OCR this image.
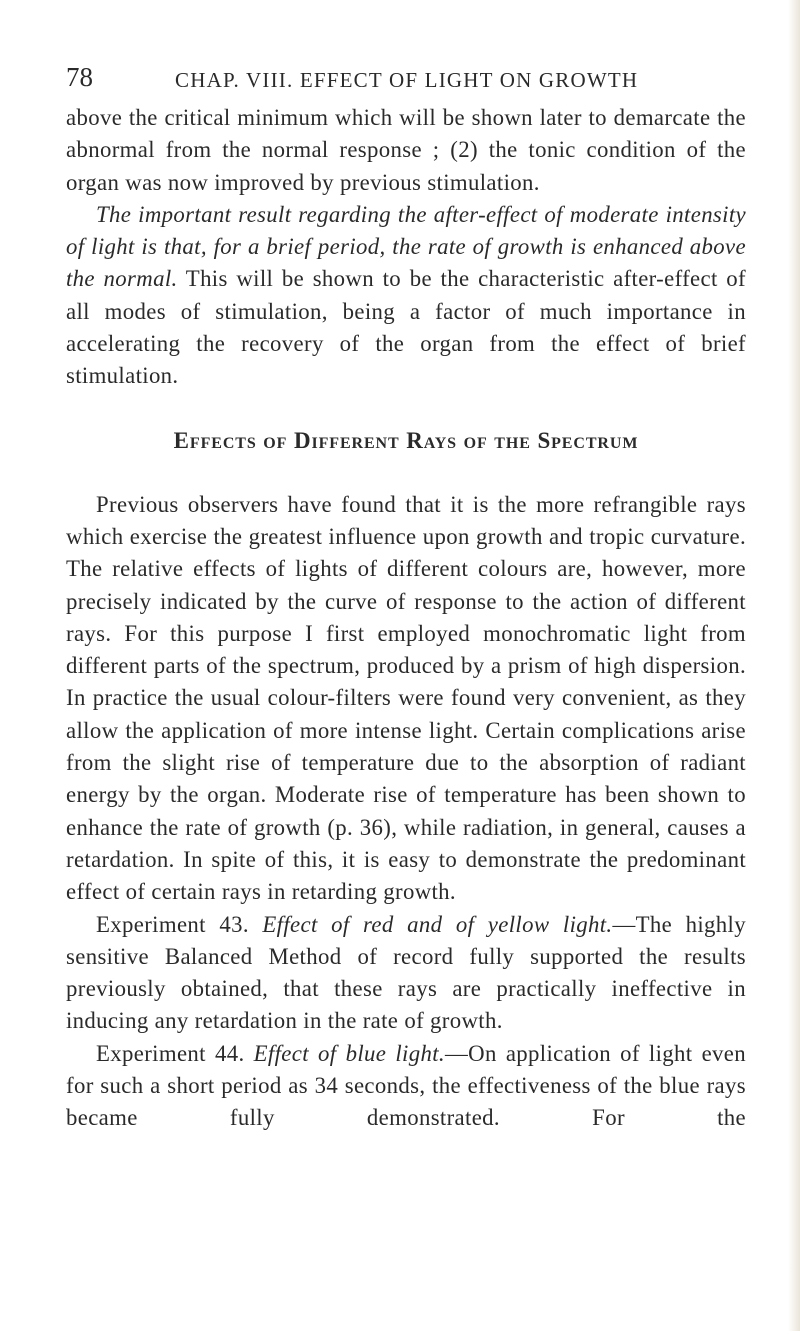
78	CHAP. VIII. EFFECT OF LIGHT ON GROWTH

above the critical minimum which will be shown later to demarcate the abnormal from the normal response ; (2) the tonic condition of the organ was now improved by previous stimulation.

The important result regarding the after-effect of moderate intensity of light is that, for a brief period, the rate of growth is enhanced above the normal. This will be shown to be the characteristic after-effect of all modes of stimulation, being a factor of much importance in accelerating the recovery of the organ from the effect of brief stimulation.

Effects of Different Rays of the Spectrum

Previous observers have found that it is the more refrangible rays which exercise the greatest influence upon growth and tropic curvature. The relative effects of lights of different colours are, however, more precisely indicated by the curve of response to the action of different rays. For this purpose I first employed monochromatic light from different parts of the spectrum, produced by a prism of high dispersion. In practice the usual colour-filters were found very convenient, as they allow the application of more intense light. Certain complications arise from the slight rise of temperature due to the absorption of radiant energy by the organ. Moderate rise of temperature has been shown to enhance the rate of growth (p. 36), while radiation, in general, causes a retardation. In spite of this, it is easy to demonstrate the predominant effect of certain rays in retarding growth.

Experiment 43. Effect of red and of yellow light.—The highly sensitive Balanced Method of record fully supported the results previously obtained, that these rays are practically ineffective in inducing any retardation in the rate of growth.

Experiment 44. Effect of blue light.—On application of light even for such a short period as 34 seconds, the effectiveness of the blue rays became fully demonstrated. For the
